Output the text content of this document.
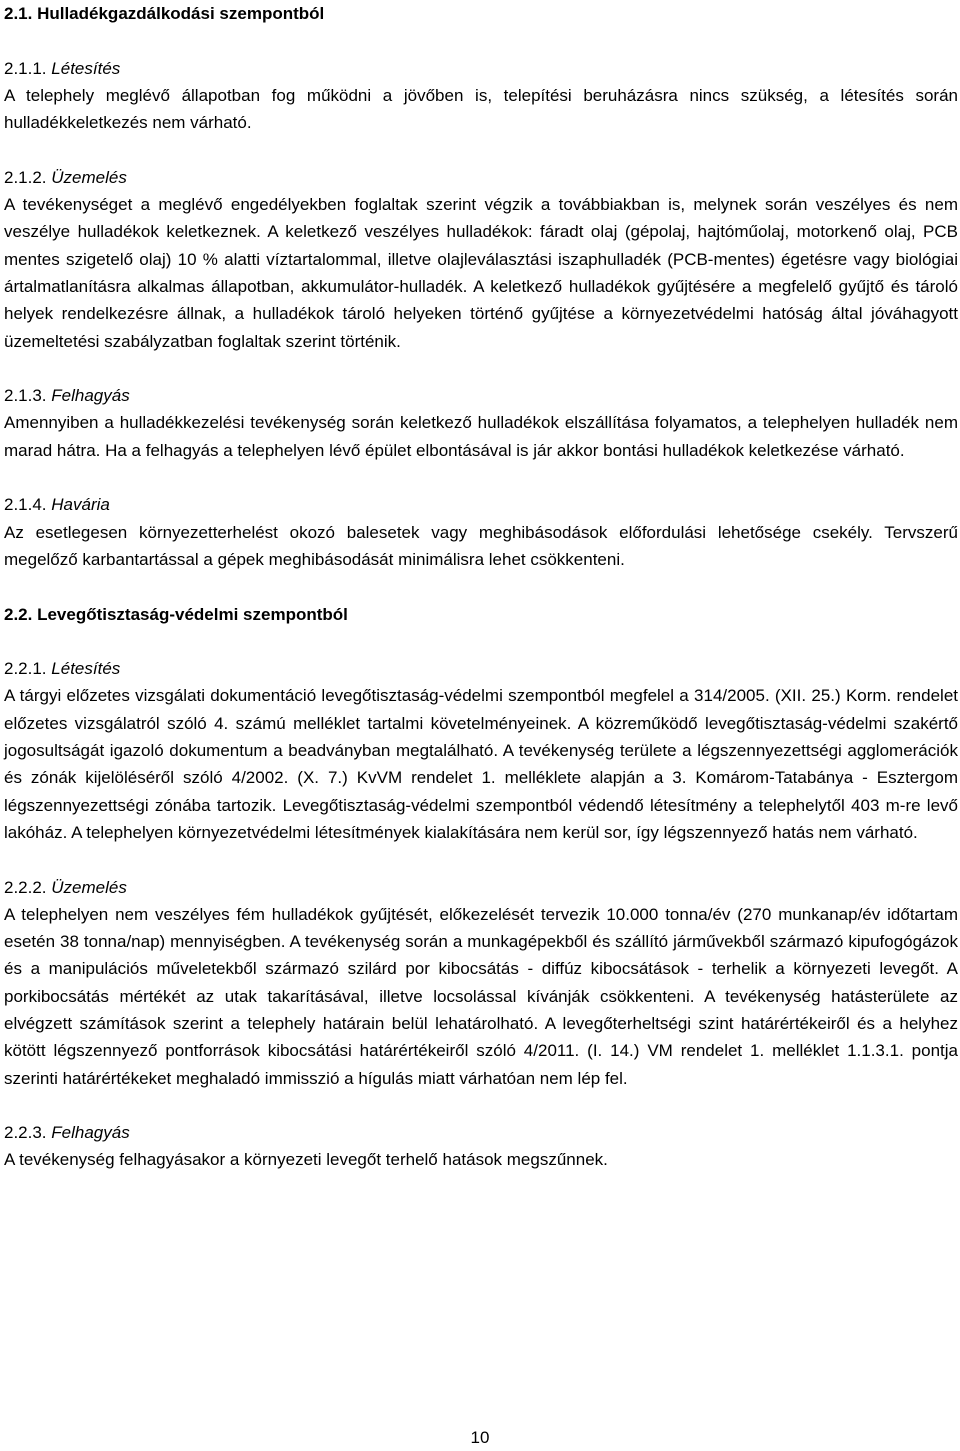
2.1. Hulladékgazdálkodási szempontból
2.1.1. Létesítés

A telephely meglévő állapotban fog működni a jövőben is, telepítési beruházásra nincs szükség, a létesítés során hulladékkeletkezés nem várható.

2.1.2. Üzemelés

A tevékenységet a meglévő engedélyekben foglaltak szerint végzik a továbbiakban is, melynek során veszélyes és nem veszélye hulladékok keletkeznek. A keletkező veszélyes hulladékok: fáradt olaj (gépolaj, hajtóműolaj, motorkenő olaj, PCB mentes szigetelő olaj) 10 % alatti víztartalommal, illetve olajleválasztási iszaphulladék (PCB-mentes) égetésre vagy biológiai ártalmatlanításra alkalmas állapotban, akkumulátor-hulladék. A keletkező hulladékok gyűjtésére a megfelelő gyűjtő és tároló helyek rendelkezésre állnak, a hulladékok tároló helyeken történő gyűjtése a környezetvédelmi hatóság által jóváhagyott üzemeltetési szabályzatban foglaltak szerint történik.

2.1.3. Felhagyás

Amennyiben a hulladékkezelési tevékenység során keletkező hulladékok elszállítása folyamatos, a telephelyen hulladék nem marad hátra. Ha a felhagyás a telephelyen lévő épület elbontásával is jár akkor bontási hulladékok keletkezése várható.

2.1.4. Havária

Az esetlegesen környezetterhelést okozó balesetek vagy meghibásodások előfordulási lehetősége csekély. Tervszerű megelőző karbantartással a gépek meghibásodását minimálisra lehet csökkenteni.

2.2. Levegőtisztaság-védelmi szempontból
2.2.1. Létesítés

A tárgyi előzetes vizsgálati dokumentáció levegőtisztaság-védelmi szempontból megfelel a 314/2005. (XII. 25.) Korm. rendelet előzetes vizsgálatról szóló 4. számú melléklet tartalmi követelményeinek. A közreműködő levegőtisztaság-védelmi szakértő jogosultságát igazoló dokumentum a beadványban megtalálható. A tevékenység területe a légszennyezettségi agglomerációk és zónák kijelöléséről szóló 4/2002. (X. 7.) KvVM rendelet 1. melléklete alapján a 3. Komárom-Tatabánya - Esztergom légszennyezettségi zónába tartozik. Levegőtisztaság-védelmi szempontból védendő létesítmény a telephelytől 403 m-re levő lakóház. A telephelyen környezetvédelmi létesítmények kialakítására nem kerül sor, így légszennyező hatás nem várható.

2.2.2. Üzemelés

A telephelyen nem veszélyes fém hulladékok gyűjtését, előkezelését tervezik 10.000 tonna/év (270 munkanap/év időtartam esetén 38 tonna/nap) mennyiségben. A tevékenység során a munkagépekből és szállító járművekből származó kipufogógázok és a manipulációs műveletekből származó szilárd por kibocsátás - diffúz kibocsátások - terhelik a környezeti levegőt. A porkibocsátás mértékét az utak takarításával, illetve locsolással kívánják csökkenteni. A tevékenység hatásterülete az elvégzett számítások szerint a telephely határain belül lehatárolható. A levegőterheltségi szint határértékeiről és a helyhez kötött légszennyező pontforrások kibocsátási határértékeiről szóló 4/2011. (I. 14.) VM rendelet 1. melléklet 1.1.3.1. pontja szerinti határértékeket meghaladó immisszió a hígulás miatt várhatóan nem lép fel.

2.2.3. Felhagyás

A tevékenység felhagyásakor a környezeti levegőt terhelő hatások megszűnnek.

10
